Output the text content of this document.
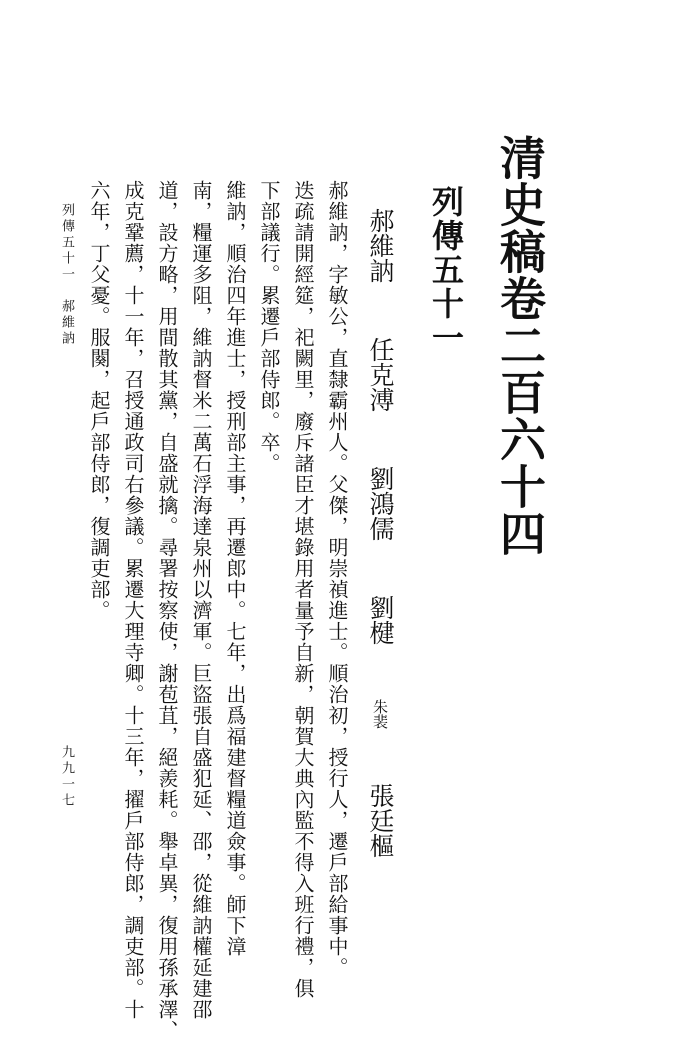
清史稿卷二百六十四
列傳五十一
郝維訥　 任克溥　 劉鴻儒　 劉楗　 朱裴　 張廷樞
列傳五十一　郝維訥
九九一七	郝維訥，字敏公，直隸霸州人。父傑，明崇禎進士。順治初，授行人，遷戶部給事中。

迭疏請開經筵，祀闕里，廢斥諸臣才堪錄用者量予自新，朝賀大典內監不得入班行禮，俱

下部議行。累遷戶部侍郎。卒。

維訥，順治四年進士，授刑部主事，再遷郎中。七年，出爲福建督糧道僉事。師下漳

南，糧運多阻，維訥督米二萬石浮海達泉州以濟軍。巨盜張自盛犯延、邵，從維訥權延建邵

道，設方略，用間散其黨，自盛就擒。尋署按察使，謝苞苴，絕羨耗。舉卓異，復用孫承澤、

成克鞏薦，十一年，召授通政司右參議。累遷大理寺卿。十三年，擢戶部侍郎，調吏部。十

六年，丁父憂。服闋，起戶部侍郎，復調吏部。
